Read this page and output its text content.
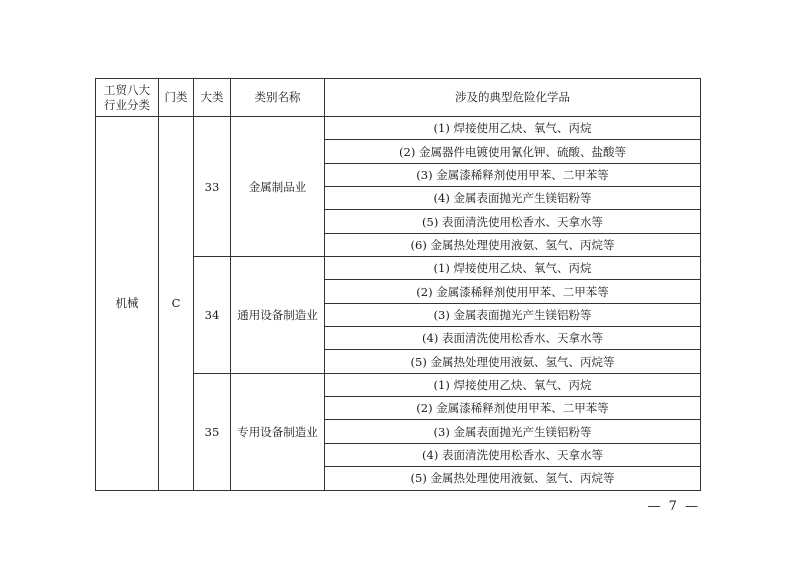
工贸八大
行业分类	门类	大类	类别名称	涉及的典型危险化学品
机械	C	33	金属制品业	(1) 焊接使用乙炔、氧气、丙烷
				(2) 金属器件电镀使用氰化钾、硫酸、盐酸等
				(3) 金属漆稀释剂使用甲苯、二甲苯等
				(4) 金属表面抛光产生镁铝粉等
				(5) 表面清洗使用松香水、天拿水等
				(6) 金属热处理使用液氨、氢气、丙烷等
		34	通用设备制造业	(1) 焊接使用乙炔、氧气、丙烷
				(2) 金属漆稀释剂使用甲苯、二甲苯等
				(3) 金属表面抛光产生镁铝粉等
				(4) 表面清洗使用松香水、天拿水等
				(5) 金属热处理使用液氨、氢气、丙烷等
		35	专用设备制造业	(1) 焊接使用乙炔、氧气、丙烷
				(2) 金属漆稀释剂使用甲苯、二甲苯等
				(3) 金属表面抛光产生镁铝粉等
				(4) 表面清洗使用松香水、天拿水等
				(5) 金属热处理使用液氨、氢气、丙烷等
— 7 —
